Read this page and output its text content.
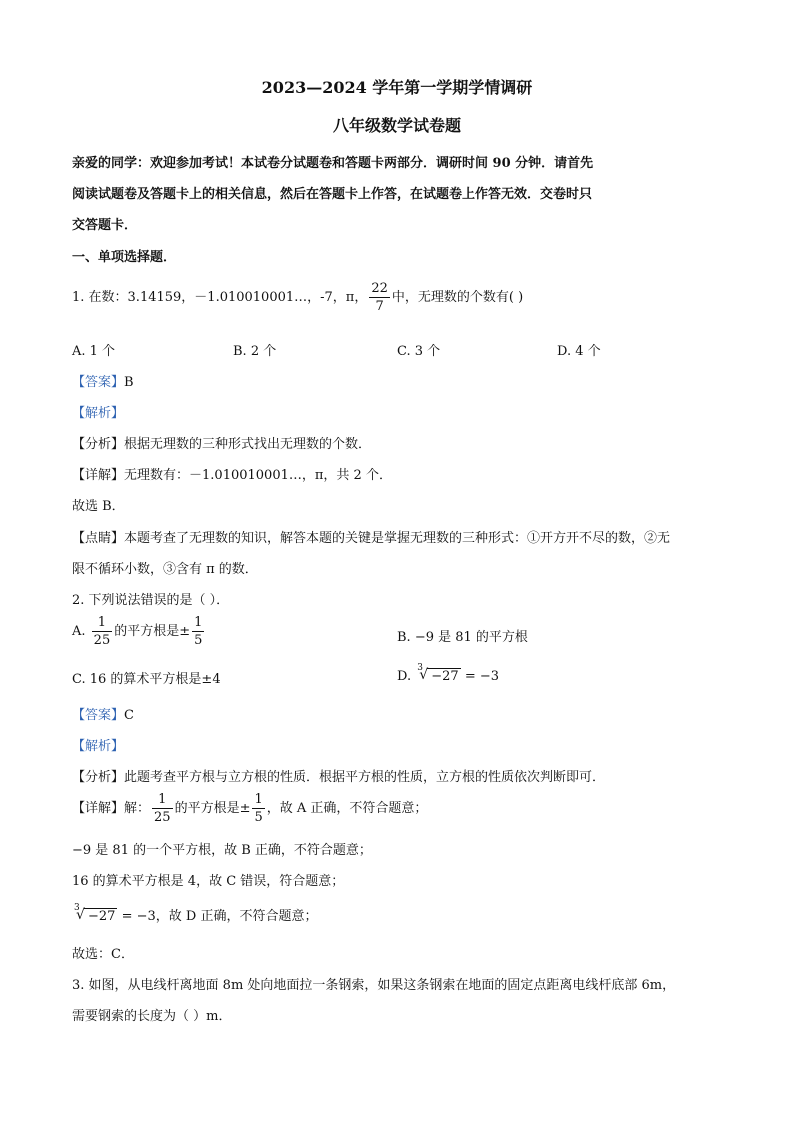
2023—2024 学年第一学期学情调研
八年级数学试卷题
亲爱的同学：欢迎参加考试！本试卷分试题卷和答题卡两部分．调研时间 90 分钟．请首先
阅读试题卷及答题卡上的相关信息，然后在答题卡上作答，在试题卷上作答无效．交卷时只
交答题卡．
一、单项选择题．
1. 在数：3.14159，－1.010010001…，-7，π， $\frac{22}{7}$ 中，无理数的个数有( )
A. 1 个	B. 2 个	C. 3 个	D. 4 个
【答案】B
【解析】
【分析】根据无理数的三种形式找出无理数的个数．
【详解】无理数有：－1.010010001…，π，共 2 个．
故选 B．
【点睛】本题考查了无理数的知识，解答本题的关键是掌握无理数的三种形式：①开方开不尽的数，②无
限不循环小数，③含有 π 的数．
2. 下列说法错误的是（ ）．
A. $\frac{1}{25}$ 的平方根是± $\frac{1}{5}$	B. −9 是 81 的平方根
C. 16 的算术平方根是±4	D.
3
√ −27 = −3
【答案】C
【解析】
【分析】此题考查平方根与立方根的性质．根据平方根的性质，立方根的性质依次判断即可．
【详解】解： $\frac{1}{25}$ 的平方根是± $\frac{1}{5}$ ，故 A 正确，不符合题意；
−9 是 81 的一个平方根，故 B 正确，不符合题意；
16 的算术平方根是 4，故 C 错误，符合题意；
3
√ −27 = −3，故 D 正确，不符合题意；
故选：C．
3. 如图，从电线杆离地面 8m 处向地面拉一条钢索，如果这条钢索在地面的固定点距离电线杆底部 6m，
需要钢索的长度为（ ）m．
